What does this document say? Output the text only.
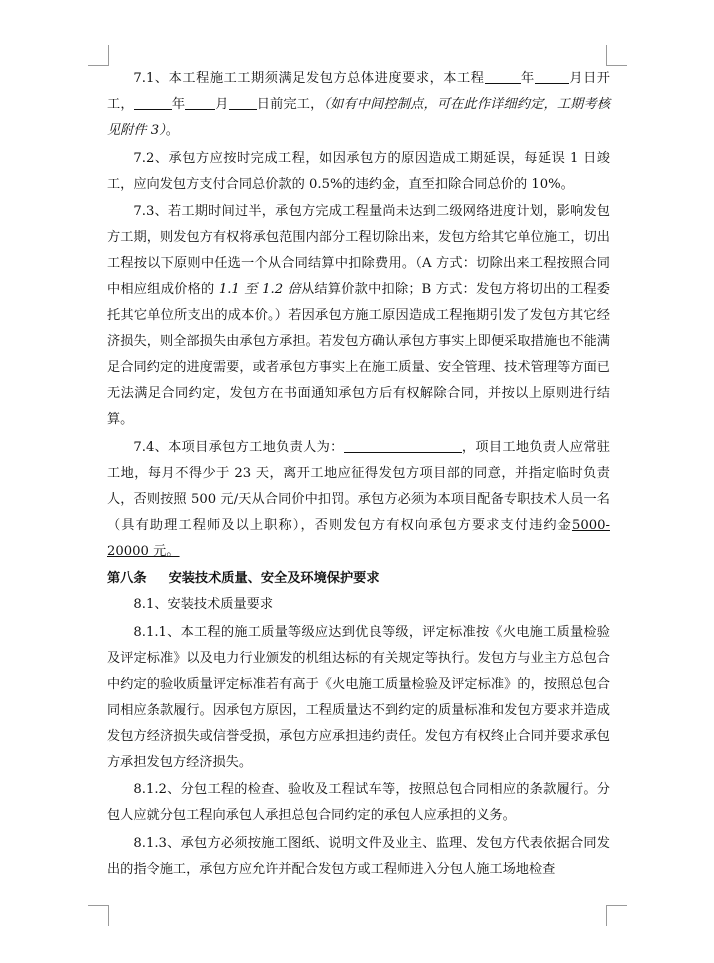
7.1、本工程施工工期须满足发包方总体进度要求，本工程	年	月日开工，	年 月 日前完工，（如有中间控制点，可在此作详细约定，工期考核见附件 3）。

7.2、承包方应按时完成工程，如因承包方的原因造成工期延误，每延误 1 日竣工，应向发包方支付合同总价款的 0.5%的违约金，直至扣除合同总价的 10%。

7.3、若工期时间过半，承包方完成工程量尚未达到二级网络进度计划，影响发包方工期，则发包方有权将承包范围内部分工程切除出来，发包方给其它单位施工，切出工程按以下原则中任选一个从合同结算中扣除费用。（A 方式：切除出来工程按照合同中相应组成价格的 1.1 至 1.2 倍从结算价款中扣除；B 方式：发包方将切出的工程委托其它单位所支出的成本价。）若因承包方施工原因造成工程拖期引发了发包方其它经济损失，则全部损失由承包方承担。若发包方确认承包方事实上即便采取措施也不能满足合同约定的进度需要，或者承包方事实上在施工质量、安全管理、技术管理等方面已无法满足合同约定，发包方在书面通知承包方后有权解除合同，并按以上原则进行结算。

7.4、本项目承包方工地负责人为：	，项目工地负责人应常驻工地，每月不得少于 23 天，离开工地应征得发包方项目部的同意，并指定临时负责人，否则按照 500 元/天从合同价中扣罚。承包方必须为本项目配备专职技术人员一名（具有助理工程师及以上职称），否则发包方有权向承包方要求支付违约金5000-20000 元。

第八条 安装技术质量、安全及环境保护要求

8.1、安装技术质量要求

8.1.1、本工程的施工质量等级应达到优良等级，评定标准按《火电施工质量检验及评定标准》以及电力行业颁发的机组达标的有关规定等执行。发包方与业主方总包合中约定的验收质量评定标准若有高于《火电施工质量检验及评定标准》的，按照总包合同相应条款履行。因承包方原因，工程质量达不到约定的质量标准和发包方要求并造成发包方经济损失或信誉受损，承包方应承担违约责任。发包方有权终止合同并要求承包方承担发包方经济损失。

8.1.2、分包工程的检查、验收及工程试车等，按照总包合同相应的条款履行。分包人应就分包工程向承包人承担总包合同约定的承包人应承担的义务。

8.1.3、承包方必须按施工图纸、说明文件及业主、监理、发包方代表依据合同发出的指令施工，承包方应允许并配合发包方或工程师进入分包人施工场地检查
